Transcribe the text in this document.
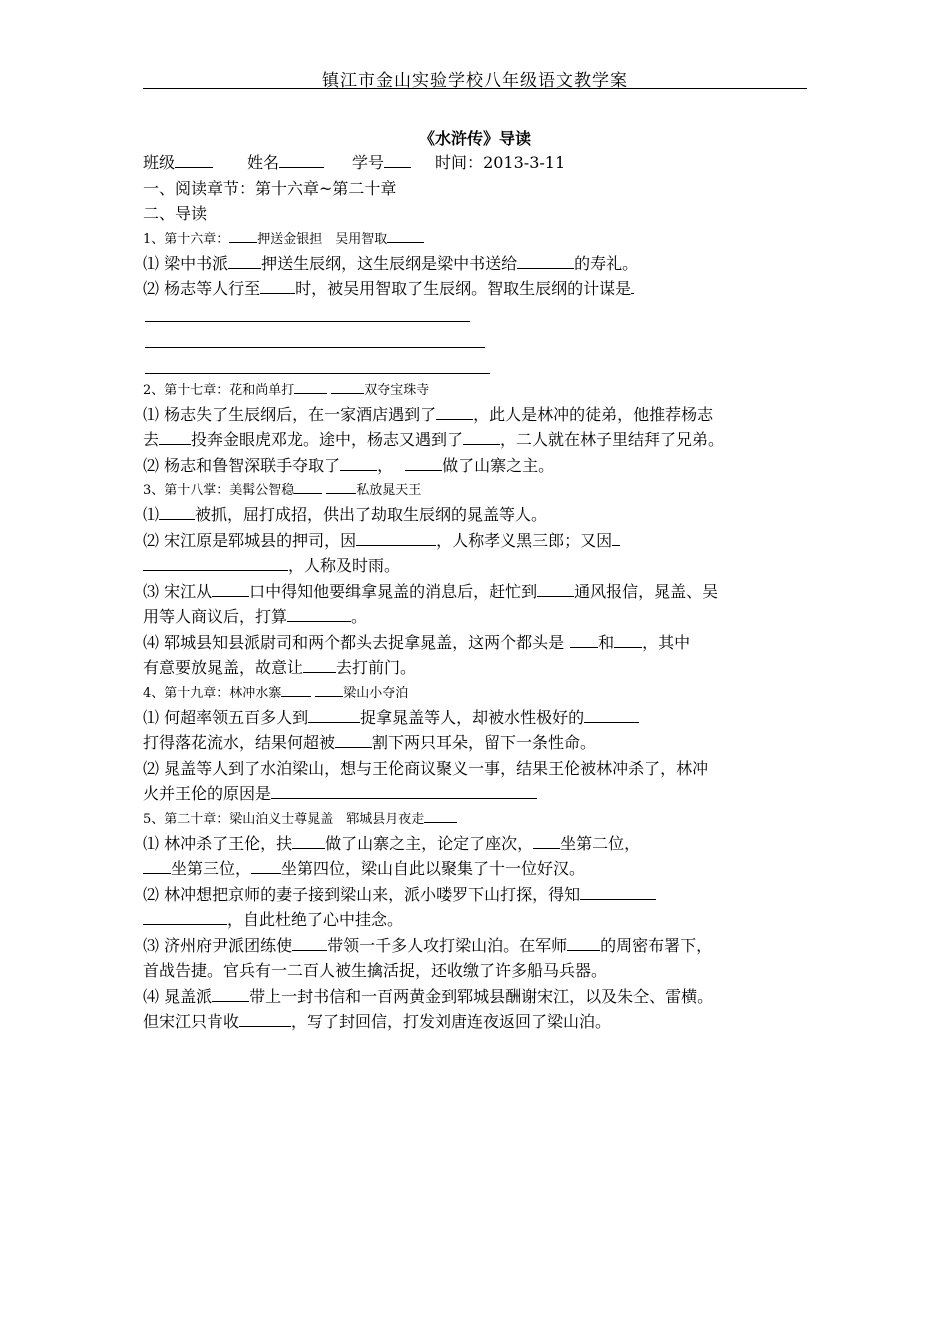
镇江市金山实验学校八年级语文教学案
《水浒传》导读
班级	姓名	学号	时间：2013-3-11
一、阅读章节：第十六章~第二十章
二、导读
1、第十六章： 押送金银担　吴用智取
⑴ 梁中书派 押送生辰纲，这生辰纲是梁中书送给	的寿礼。
⑵ 杨志等人行至 时，被吴用智取了生辰纲。智取生辰纲的计谋是
2、第十七章：花和尚单打	双夺宝珠寺
⑴ 杨志失了生辰纲后，在一家酒店遇到了 ，此人是林冲的徒弟，他推荐杨志
去 投奔金眼虎邓龙。途中，杨志又遇到了 ，二人就在林子里结拜了兄弟。
⑵ 杨志和鲁智深联手夺取了 ，	做了山寨之主。
3、第十八掌：美髯公智稳	私放晁天王
⑴ 被抓，屈打成招，供出了劫取生辰纲的晁盖等人。
⑵ 宋江原是郓城县的押司，因	，人称孝义黑三郎；又因
，人称及时雨。
⑶ 宋江从 口中得知他要缉拿晁盖的消息后，赶忙到 通风报信，晁盖、吴
用等人商议后，打算	。
⑷ 郓城县知县派尉司和两个都头去捉拿晁盖，这两个都头是 和 ，其中
有意要放晁盖，故意让 去打前门。
4、第十九章：林冲水寨	梁山小夺泊
⑴ 何超率领五百多人到	捉拿晁盖等人，却被水性极好的
打得落花流水，结果何超被 割下两只耳朵，留下一条性命。
⑵ 晁盖等人到了水泊梁山，想与王伦商议聚义一事，结果王伦被林冲杀了，林冲
火并王伦的原因是
5、第二十章：梁山泊义士尊晁盖　郓城县月夜走
⑴ 林冲杀了王伦，扶 做了山寨之主，论定了座次， 坐第二位，
坐第三位， 坐第四位，梁山自此以聚集了十一位好汉。
⑵ 林冲想把京师的妻子接到梁山来，派小喽罗下山打探，得知
，自此杜绝了心中挂念。
⑶ 济州府尹派团练使 带领一千多人攻打梁山泊。在军师 的周密布署下，
首战告捷。官兵有一二百人被生擒活捉，还收缴了许多船马兵器。
⑷ 晁盖派 带上一封书信和一百两黄金到郓城县酬谢宋江，以及朱仝、雷横。
但宋江只肯收	，写了封回信，打发刘唐连夜返回了梁山泊。
